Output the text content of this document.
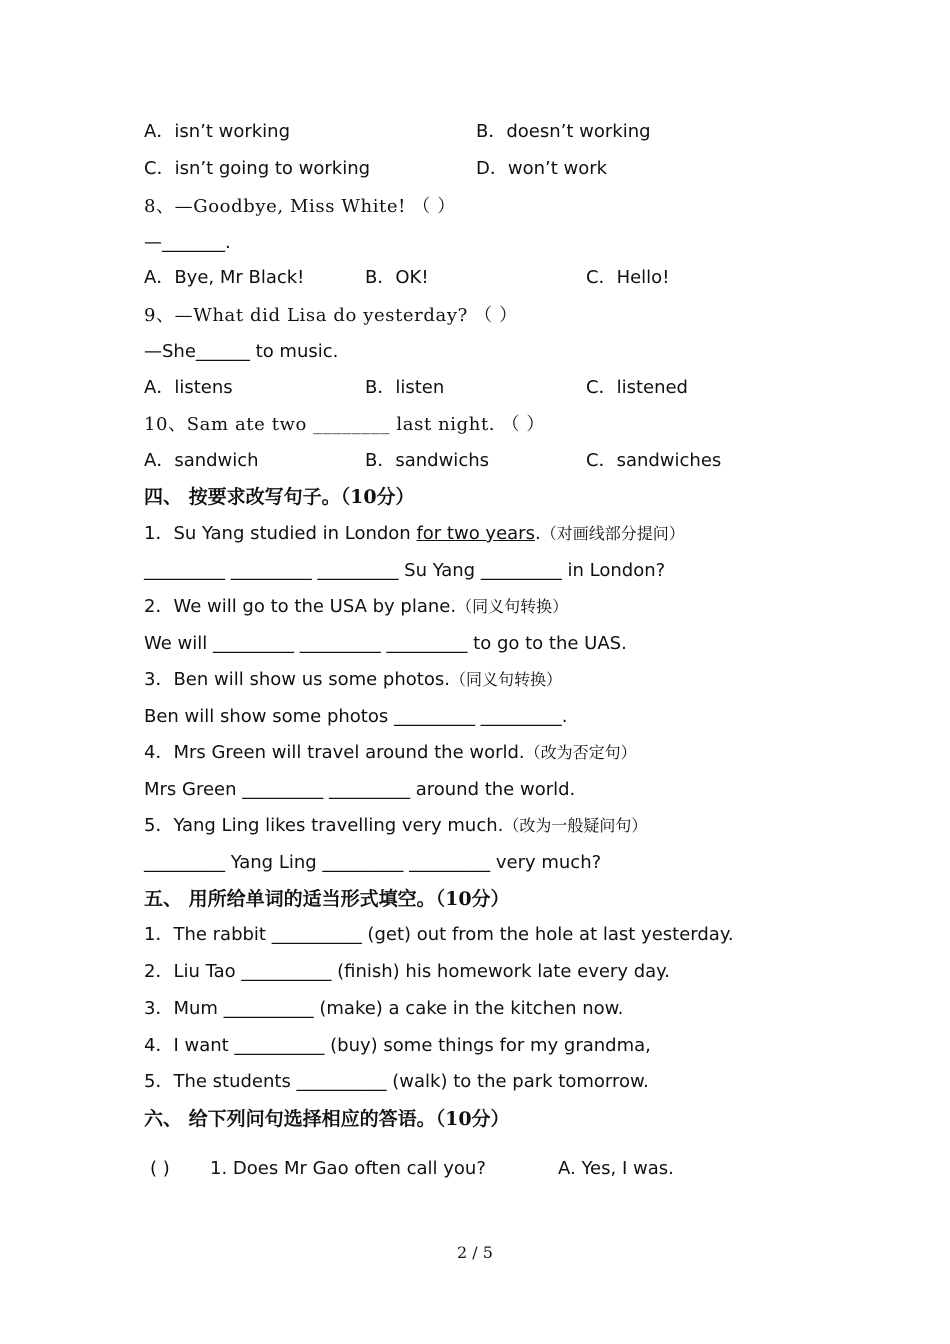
A．isn’t working	B．doesn’t working
C．isn’t going to working	D．won’t work
8、—Goodbye, Miss White! （ ）
—_______.
A．Bye, Mr Black!	B．OK!	C．Hello!
9、—What did Lisa do yesterday? （ ）
—She______ to music.
A．listens	B．listen	C．listened
10、Sam ate two ________ last night. （ ）
A．sandwich	B．sandwichs	C．sandwiches
四、 按要求改写句子。（10分）
1．Su Yang studied in London for two years.（对画线部分提问）
_________ _________ _________ Su Yang _________ in London?
2．We will go to the USA by plane.（同义句转换）
We will _________ _________ _________ to go to the UAS.
3．Ben will show us some photos.（同义句转换）
Ben will show some photos _________ _________.
4．Mrs Green will travel around the world.（改为否定句）
Mrs Green _________ _________ around the world.
5．Yang Ling likes travelling very much.（改为一般疑问句）
_________ Yang Ling _________ _________ very much?
五、 用所给单词的适当形式填空。（10分）
1．The rabbit __________ (get) out from the hole at last yesterday.
2．Liu Tao __________ (finish) his homework late every day.
3．Mum __________ (make) a cake in the kitchen now.
4．I want __________ (buy) some things for my grandma,
5．The students __________ (walk) to the park tomorrow.
六、 给下列问句选择相应的答语。（10分）
( ) 1. Does Mr Gao often call you?	A. Yes, I was.
2 / 5
